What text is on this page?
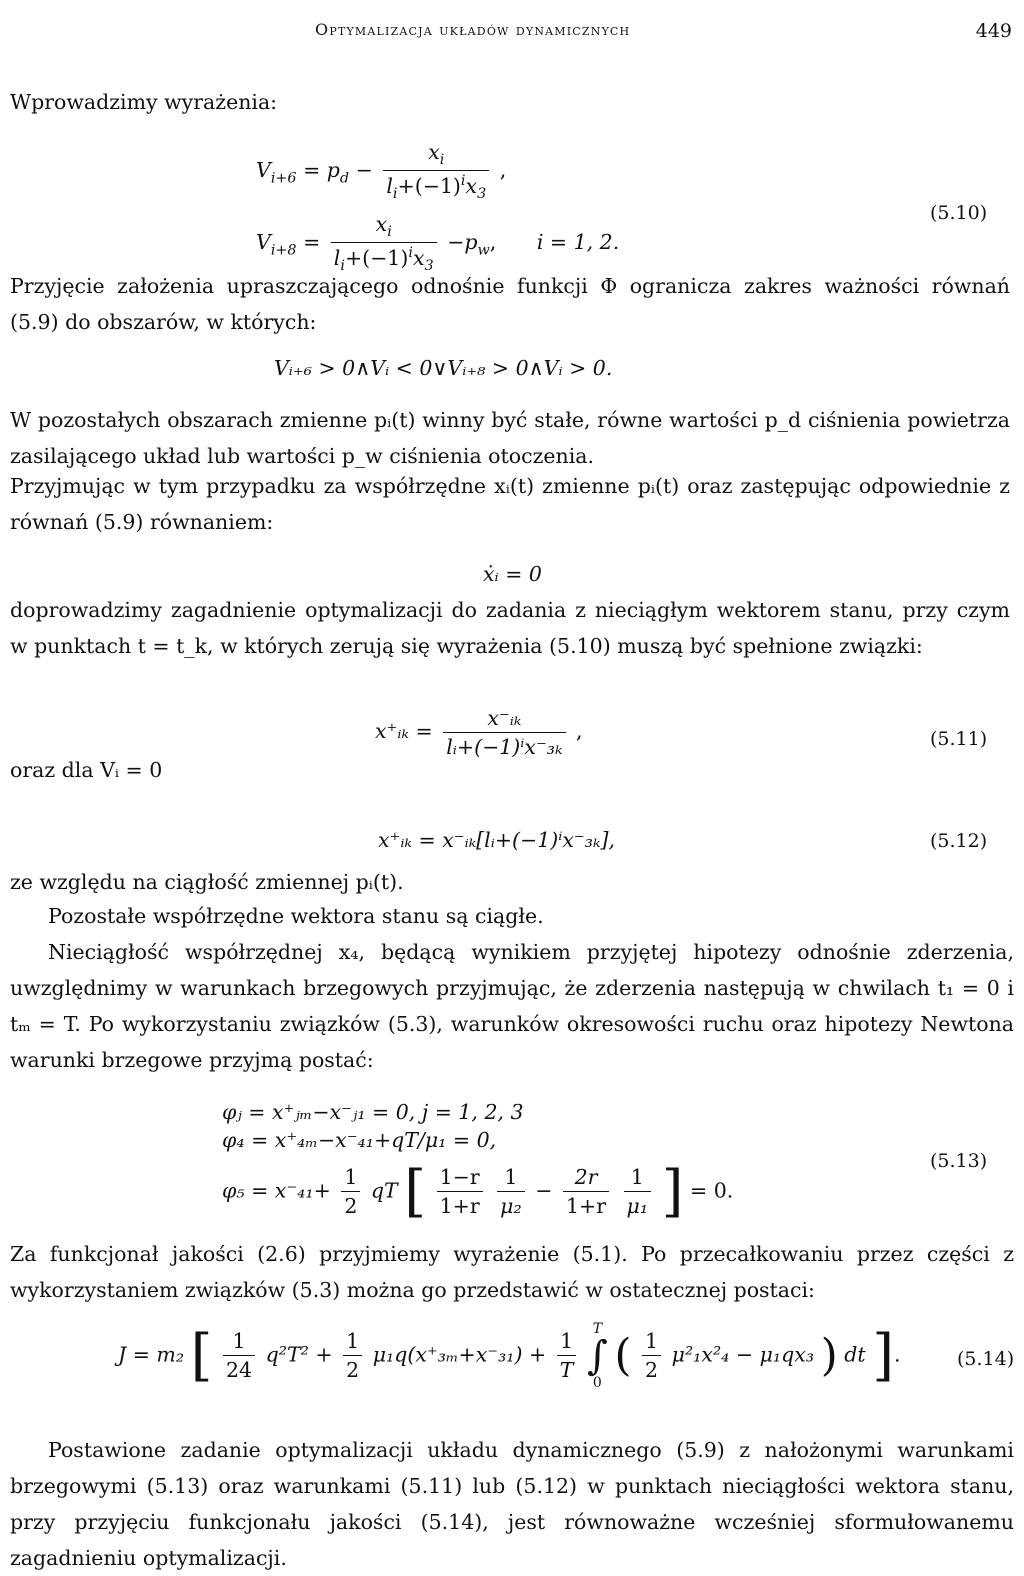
Optymalizacja układów dynamicznych	449
Wprowadzimy wyrażenia:
$V_{i+6} = p_d - \frac{x_i}{l_i+(-1)^ix_3}$ ,
$V_{i+8} = \frac{x_i}{l_i+(-1)^ix_3} -p_w$, i = 1, 2.
(5.10)
Przyjęcie założenia upraszczającego odnośnie funkcji Φ ogranicza zakres ważności równań (5.9) do obszarów, w których:
Vᵢ₊₆ > 0∧Vᵢ < 0∨Vᵢ₊₈ > 0∧Vᵢ > 0.
W pozostałych obszarach zmienne pᵢ(t) winny być stałe, równe wartości p_d ciśnienia powietrza zasilającego układ lub wartości p_w ciśnienia otoczenia.
Przyjmując w tym przypadku za współrzędne xᵢ(t) zmienne pᵢ(t) oraz zastępując odpowiednie z równań (5.9) równaniem:
ẋᵢ = 0
doprowadzimy zagadnienie optymalizacji do zadania z nieciągłym wektorem stanu, przy czym w punktach t = t_k, w których zerują się wyrażenia (5.10) muszą być spełnione związki:
x⁺ᵢₖ = $\frac{\text{x⁻ᵢₖ}}{\text{lᵢ+(−1)ⁱx⁻₃ₖ}}$ ,	(5.11)
oraz dla Vᵢ = 0
x⁺ᵢₖ = x⁻ᵢₖ[lᵢ+(−1)ⁱx⁻₃ₖ],	(5.12)
ze względu na ciągłość zmiennej pᵢ(t).
Pozostałe współrzędne wektora stanu są ciągłe.
Nieciągłość współrzędnej x₄, będącą wynikiem przyjętej hipotezy odnośnie zderzenia, uwzględnimy w warunkach brzegowych przyjmując, że zderzenia następują w chwilach t₁ = 0 i tₘ = T. Po wykorzystaniu związków (5.3), warunków okresowości ruchu oraz hipotezy Newtona warunki brzegowe przyjmą postać:
φⱼ = x⁺ⱼₘ−x⁻ⱼ₁ = 0, j = 1, 2, 3
φ₄ = x⁺₄ₘ−x⁻₄₁+qT/μ₁ = 0,
$\varphi_5 = x^-_{41}+ \frac{1}{2}$ qT [ $\frac{1-r}{1+r}$
$\frac{1}{\text{μ₂}} - \frac{2r}{1+r}$
$\frac{1}{\text{μ₁}}$ ] = 0.
(5.13)
Za funkcjonał jakości (2.6) przyjmiemy wyrażenie (5.1). Po przecałkowaniu przez części z wykorzystaniem związków (5.3) można go przedstawić w ostatecznej postaci:
J = m₂ [ $\frac{1}{24} q^2T^2 + \frac{1}{2} \mu_1q(x^+_{3m}+x^-_{31}) + \frac{1}{T}$

T
∫
0
( $\frac{1}{2} \mu^2_1x^2_4 - \mu_1qx_3$ ) dt ].	(5.14)
Postawione zadanie optymalizacji układu dynamicznego (5.9) z nałożonymi warunkami brzegowymi (5.13) oraz warunkami (5.11) lub (5.12) w punktach nieciągłości wektora stanu, przy przyjęciu funkcjonału jakości (5.14), jest równoważne wcześniej sformułowanemu zagadnieniu optymalizacji.
